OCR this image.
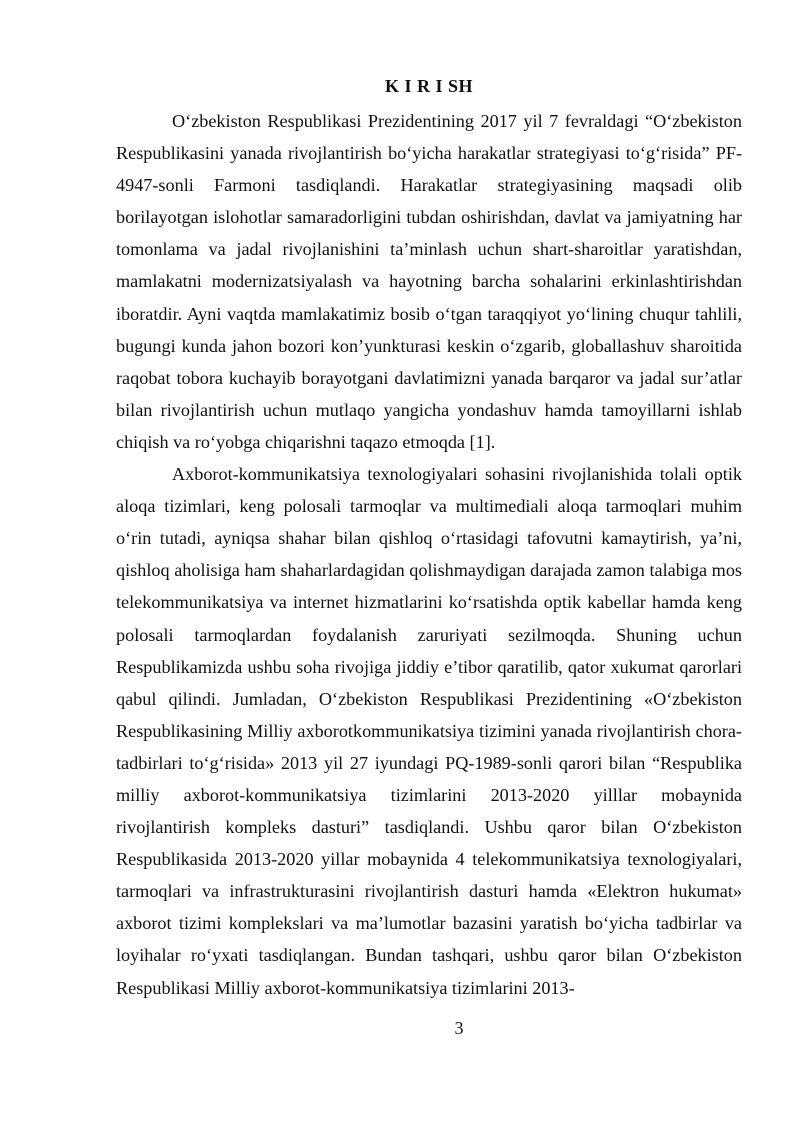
K I R I SH

O‘zbekiston Respublikasi Prezidentining 2017 yil 7 fevraldagi “O‘zbekiston Respublikasini yanada rivojlantirish bo‘yicha harakatlar strategiyasi to‘g‘risida” PF-4947-sonli Farmoni tasdiqlandi. Harakatlar strategiyasining maqsadi olib borilayotgan islohotlar samaradorligini tubdan oshirishdan, davlat va jamiyatning har tomonlama va jadal rivojlanishini ta’minlash uchun shart-sharoitlar yaratishdan, mamlakatni modernizatsiyalash va hayotning barcha sohalarini erkinlashtirishdan iboratdir. Ayni vaqtda mamlakatimiz bosib o‘tgan taraqqiyot yo‘lining chuqur tahlili, bugungi kunda jahon bozori kon’yunkturasi keskin o‘zgarib, globallashuv sharoitida raqobat tobora kuchayib borayotgani davlatimizni yanada barqaror va jadal sur’atlar bilan rivojlantirish uchun mutlaqo yangicha yondashuv hamda tamoyillarni ishlab chiqish va ro‘yobga chiqarishni taqazo etmoqda [1].

Axborot-kommunikatsiya texnologiyalari sohasini rivojlanishida tolali optik aloqa tizimlari, keng polosali tarmoqlar va multimediali aloqa tarmoqlari muhim o‘rin tutadi, ayniqsa shahar bilan qishloq o‘rtasidagi tafovutni kamaytirish, ya’ni, qishloq aholisiga ham shaharlardagidan qolishmaydigan darajada zamon talabiga mos telekommunikatsiya va internet hizmatlarini ko‘rsatishda optik kabellar hamda keng polosali tarmoqlardan foydalanish zaruriyati sezilmoqda. Shuning uchun Respublikamizda ushbu soha rivojiga jiddiy e’tibor qaratilib, qator xukumat qarorlari qabul qilindi. Jumladan, O‘zbekiston Respublikasi Prezidentining «O‘zbekiston Respublikasining Milliy axborotkommunikatsiya tizimini yanada rivojlantirish chora-tadbirlari to‘g‘risida» 2013 yil 27 iyundagi PQ-1989-sonli qarori bilan “Respublika milliy axborot-kommunikatsiya tizimlarini 2013-2020 yilllar mobaynida rivojlantirish kompleks dasturi” tasdiqlandi. Ushbu qaror bilan O‘zbekiston Respublikasida 2013-2020 yillar mobaynida 4 telekommunikatsiya texnologiyalari, tarmoqlari va infrastrukturasini rivojlantirish dasturi hamda «Elektron hukumat» axborot tizimi komplekslari va ma’lumotlar bazasini yaratish bo‘yicha tadbirlar va loyihalar ro‘yxati tasdiqlangan. Bundan tashqari, ushbu qaror bilan O‘zbekiston Respublikasi Milliy axborot-kommunikatsiya tizimlarini 2013-

3
